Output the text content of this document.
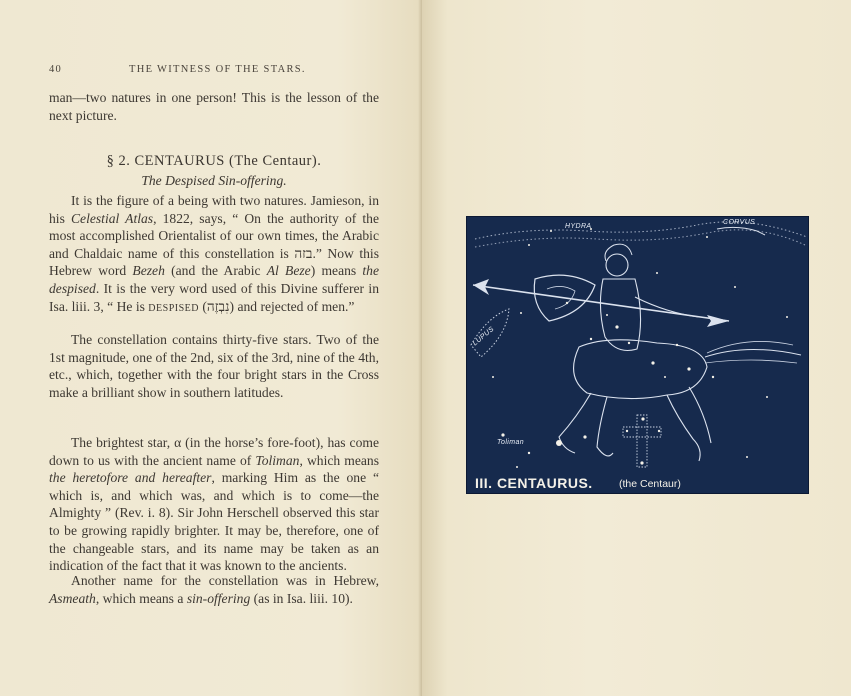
40	THE WITNESS OF THE STARS.
man—two natures in one person! This is the lesson of the next picture.
§ 2. CENTAURUS (The Centaur).
The Despised Sin-offering.
It is the figure of a being with two natures. Jamieson, in his Celestial Atlas, 1822, says, “ On the authority of the most accomplished Orientalist of our own times, the Arabic and Chaldaic name of this constellation is בזה.” Now this Hebrew word Bezeh (and the Arabic Al Beze) means the despised. It is the very word used of this Divine sufferer in Isa. liii. 3, “ He is despised (נִבְזֶה) and rejected of men.”
The constellation contains thirty-five stars. Two of the 1st magnitude, one of the 2nd, six of the 3rd, nine of the 4th, etc., which, together with the four bright stars in the Cross make a brilliant show in southern latitudes.
The brightest star, α (in the horse’s fore-foot), has come down to us with the ancient name of Toliman, which means the heretofore and hereafter, marking Him as the one “ which is, and which was, and which is to come—the Almighty ” (Rev. i. 8). Sir John Herschell observed this star to be growing rapidly brighter. It may be, therefore, one of the changeable stars, and its name may be taken as an indication of the fact that it was known to the ancients.
Another name for the constellation was in Hebrew, Asmeath, which means a sin-offering (as in Isa. liii. 10).
HYDRA
CORVUS
LUPUS
Toliman
III. CENTAURUS.	(the Centaur)
